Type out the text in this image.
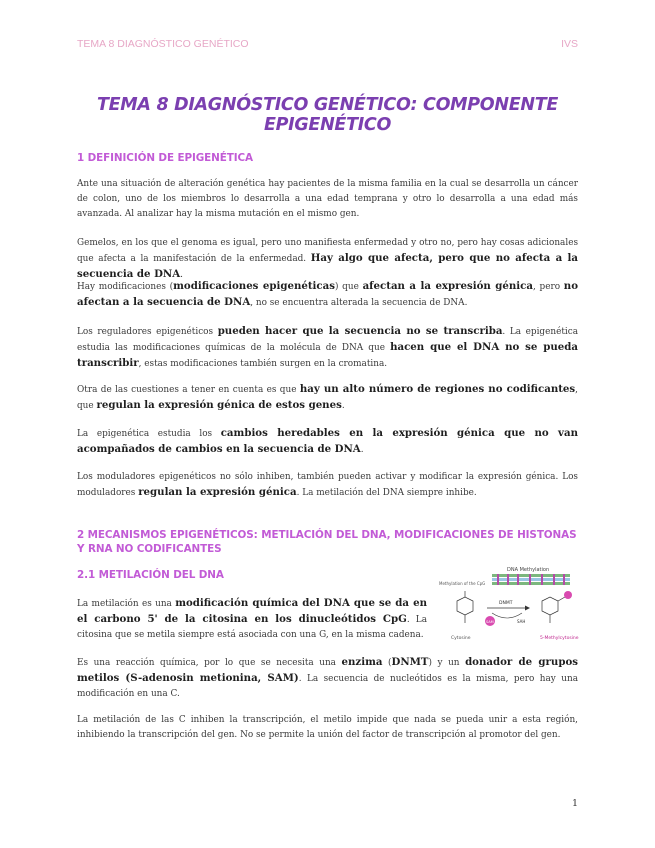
TEMA 8 DIAGNÓSTICO GENÉTICO	IVS
TEMA 8 DIAGNÓSTICO GENÉTICO: COMPONENTE
EPIGENÉTICO
1 DEFINICIÓN DE EPIGENÉTICA
Ante una situación de alteración genética hay pacientes de la misma familia en la cual se desarrolla un cáncer de colon, uno de los miembros lo desarrolla a una edad temprana y otro lo desarrolla a una edad más avanzada. Al analizar hay la misma mutación en el mismo gen.
Gemelos, en los que el genoma es igual, pero uno manifiesta enfermedad y otro no, pero hay cosas adicionales que afecta a la manifestación de la enfermedad. Hay algo que afecta, pero que no afecta a la secuencia de DNA.
Hay modificaciones (modificaciones epigenéticas) que afectan a la expresión génica, pero no afectan a la secuencia de DNA, no se encuentra alterada la secuencia de DNA.
Los reguladores epigenéticos pueden hacer que la secuencia no se transcriba. La epigenética estudia las modificaciones químicas de la molécula de DNA que hacen que el DNA no se pueda transcribir, estas modificaciones también surgen en la cromatina.
Otra de las cuestiones a tener en cuenta es que hay un alto número de regiones no codificantes, que regulan la expresión génica de estos genes.
La epigenética estudia los cambios heredables en la expresión génica que no van acompañados de cambios en la secuencia de DNA.
Los moduladores epigenéticos no sólo inhiben, también pueden activar y modificar la expresión génica. Los moduladores regulan la expresión génica. La metilación del DNA siempre inhibe.
2 MECANISMOS EPIGENÉTICOS: METILACIÓN DEL DNA, MODIFICACIONES DE HISTONAS Y RNA NO CODIFICANTES
2.1 METILACIÓN DEL DNA
La metilación es una modificación química del DNA que se da en el carbono 5' de la citosina en los dinucleótidos CpG. La citosina que se metila siempre está asociada con una G, en la misma cadena.
DNA Methylation
Methylation of the CpG
Cytosine
DNMT
SAM	SAH
5-Methylcytosine
Es una reacción química, por lo que se necesita una enzima (DNMT) y un donador de grupos metilos (S-adenosin metionina, SAM). La secuencia de nucleótidos es la misma, pero hay una modificación en una C.
La metilación de las C inhiben la transcripción, el metilo impide que nada se pueda unir a esta región, inhibiendo la transcripción del gen. No se permite la unión del factor de transcripción al promotor del gen.
1
